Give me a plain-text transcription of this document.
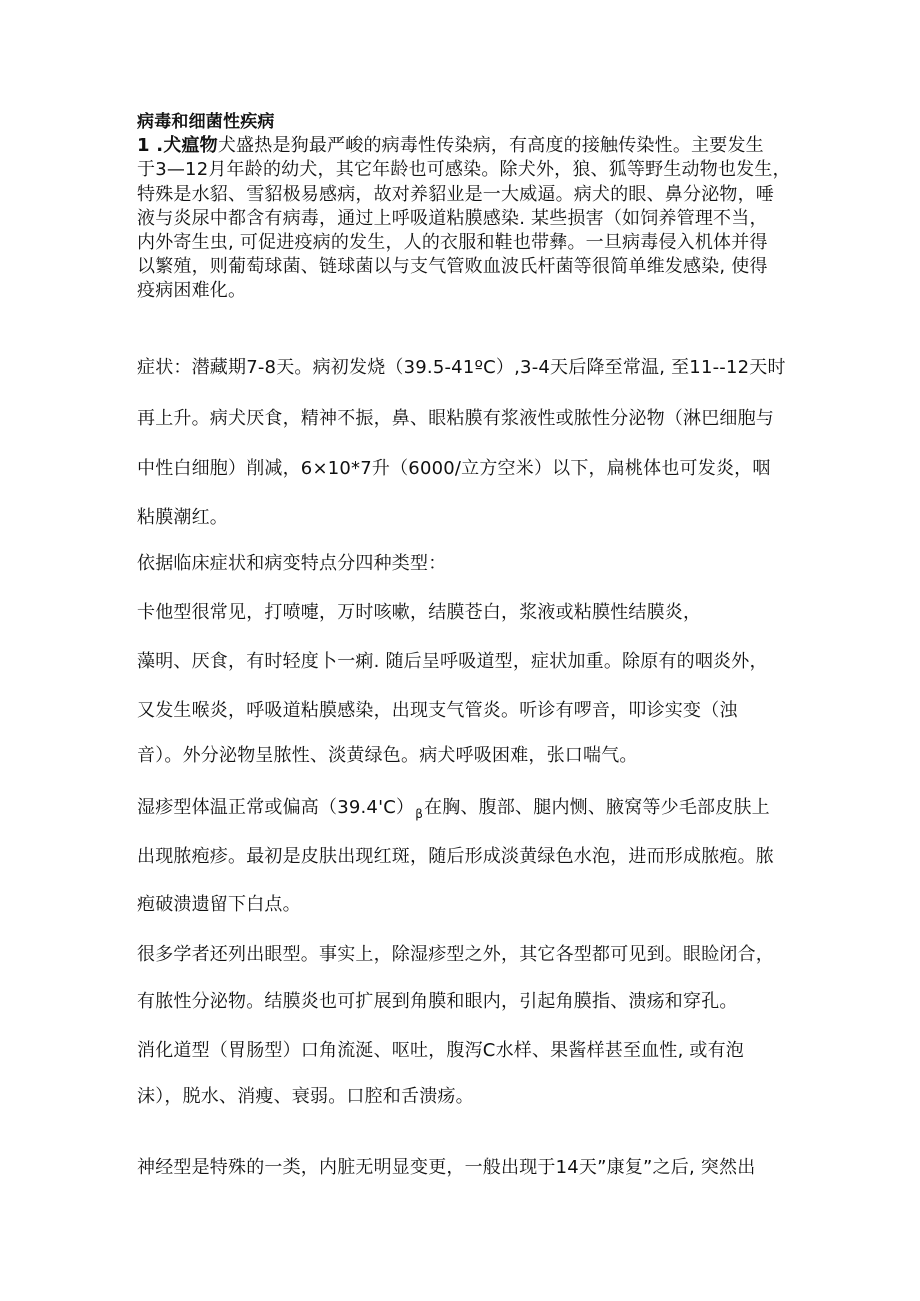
病毒和细菌性疾病
1 .犬瘟物犬盛热是狗最严峻的病毒性传染病，有高度的接触传染性。主要发生
于3—12月年龄的幼犬，其它年龄也可感染。除犬外，狼、狐等野生动物也发生，
特殊是水貂、雪貂极易感病，故对养貂业是一大威逼。病犬的眼、鼻分泌物，唾
液与炎尿中都含有病毒，通过上呼吸道粘膜感染. 某些损害（如饲养管理不当，
内外寄生虫, 可促进疫病的发生，人的衣服和鞋也带彝。一旦病毒侵入机体并得
以繁殖，则葡萄球菌、链球菌以与支气管败血波氏杆菌等很简单维发感染, 使得
疫病困难化。
症状：潜藏期7-8天。病初发烧（39.5-41ºC）,3-4天后降至常温, 至11--12天时
再上升。病犬厌食，精神不振，鼻、眼粘膜有浆液性或脓性分泌物（淋巴细胞与
中性白细胞）削减，6×10*7升（6000/立方空米）以下，扁桃体也可发炎，咽
粘膜潮红。
依据临床症状和病变特点分四种类型：
卡他型很常见，打喷嚏，万时咳嗽，结膜苍白，浆液或粘膜性结膜炎，
藻明、厌食，有时轻度卜一痢. 随后呈呼吸道型，症状加重。除原有的咽炎外，
又发生喉炎，呼吸道粘膜感染，出现支气管炎。听诊有啰音，叩诊实变（浊
音）。外分泌物呈脓性、淡黄绿色。病犬呼吸困难，张口喘气。
湿疹型体温正常或偏高$(39.4'C)_\beta$在胸、腹部、腿内恻、腋窝等少毛部皮肤上
出现脓疱疹。最初是皮肤出现红斑，随后形成淡黄绿色水泡，进而形成脓疱。脓
疱破溃遗留下白点。
很多学者还列出眼型。事实上，除湿疹型之外，其它各型都可见到。眼睑闭合，
有脓性分泌物。结膜炎也可扩展到角膜和眼内，引起角膜指、溃疡和穿孔。
消化道型（胃肠型）口角流涎、呕吐，腹泻C水样、果酱样甚至血性, 或有泡
沫），脱水、消瘦、衰弱。口腔和舌溃疡。
神经型是特殊的一类，内脏无明显变更，一般出现于14天”康复”之后, 突然出
